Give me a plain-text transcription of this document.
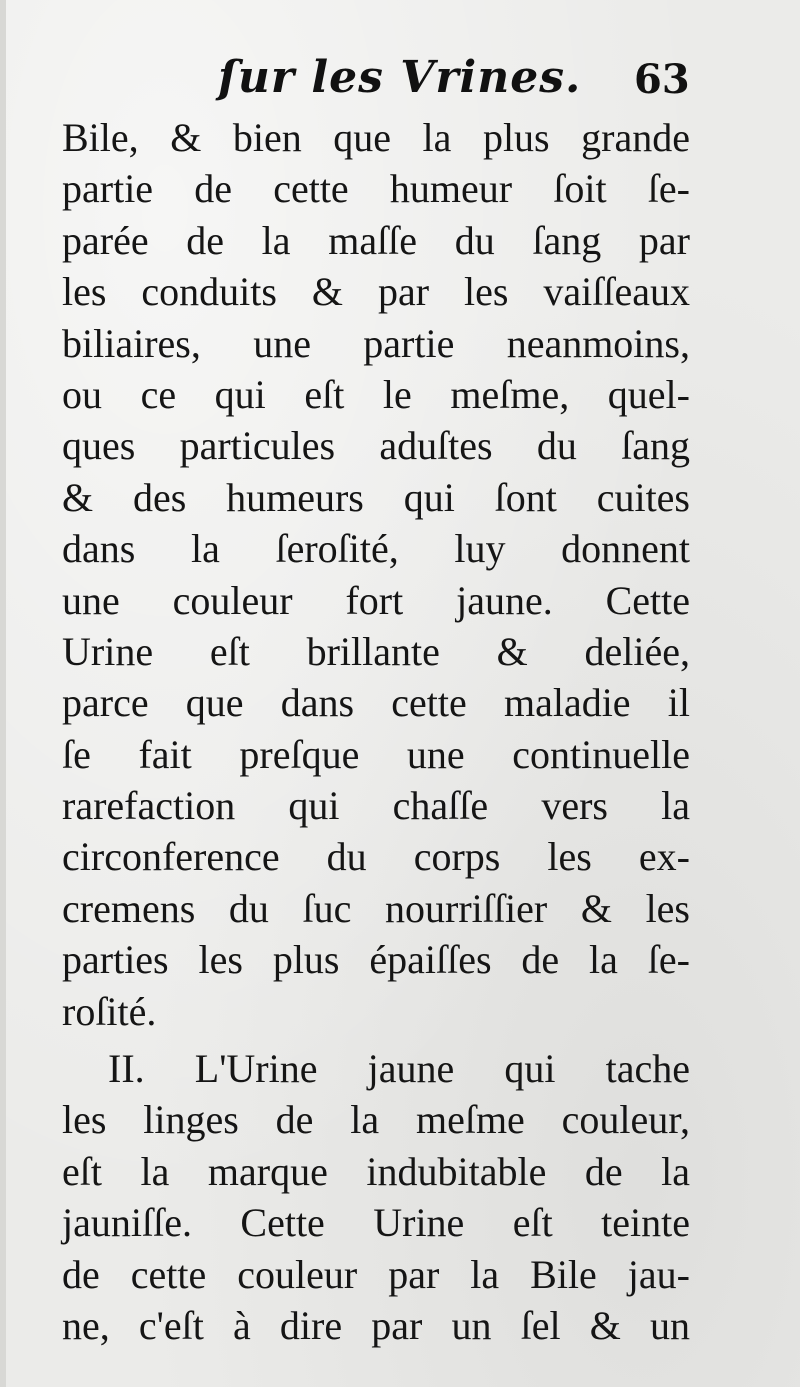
ſur les Vrines. 63
Bile, & bien que la plus grande
partie de cette humeur ſoit ſe-
parée de la maſſe du ſang par
les conduits & par les vaiſſeaux
biliaires, une partie neanmoins,
ou ce qui eſt le meſme, quel-
ques particules aduſtes du ſang
& des humeurs qui ſont cuites
dans la ſeroſité, luy donnent
une couleur fort jaune. Cette
Urine eſt brillante & deliée,
parce que dans cette maladie il
ſe fait preſque une continuelle
rarefaction qui chaſſe vers la
circonference du corps les ex-
cremens du ſuc nourriſſier & les
parties les plus épaiſſes de la ſe-
roſité.
II. L'Urine jaune qui tache
les linges de la meſme couleur,
eſt la marque indubitable de la
jauniſſe. Cette Urine eſt teinte
de cette couleur par la Bile jau-
ne, c'eſt à dire par un ſel & un
